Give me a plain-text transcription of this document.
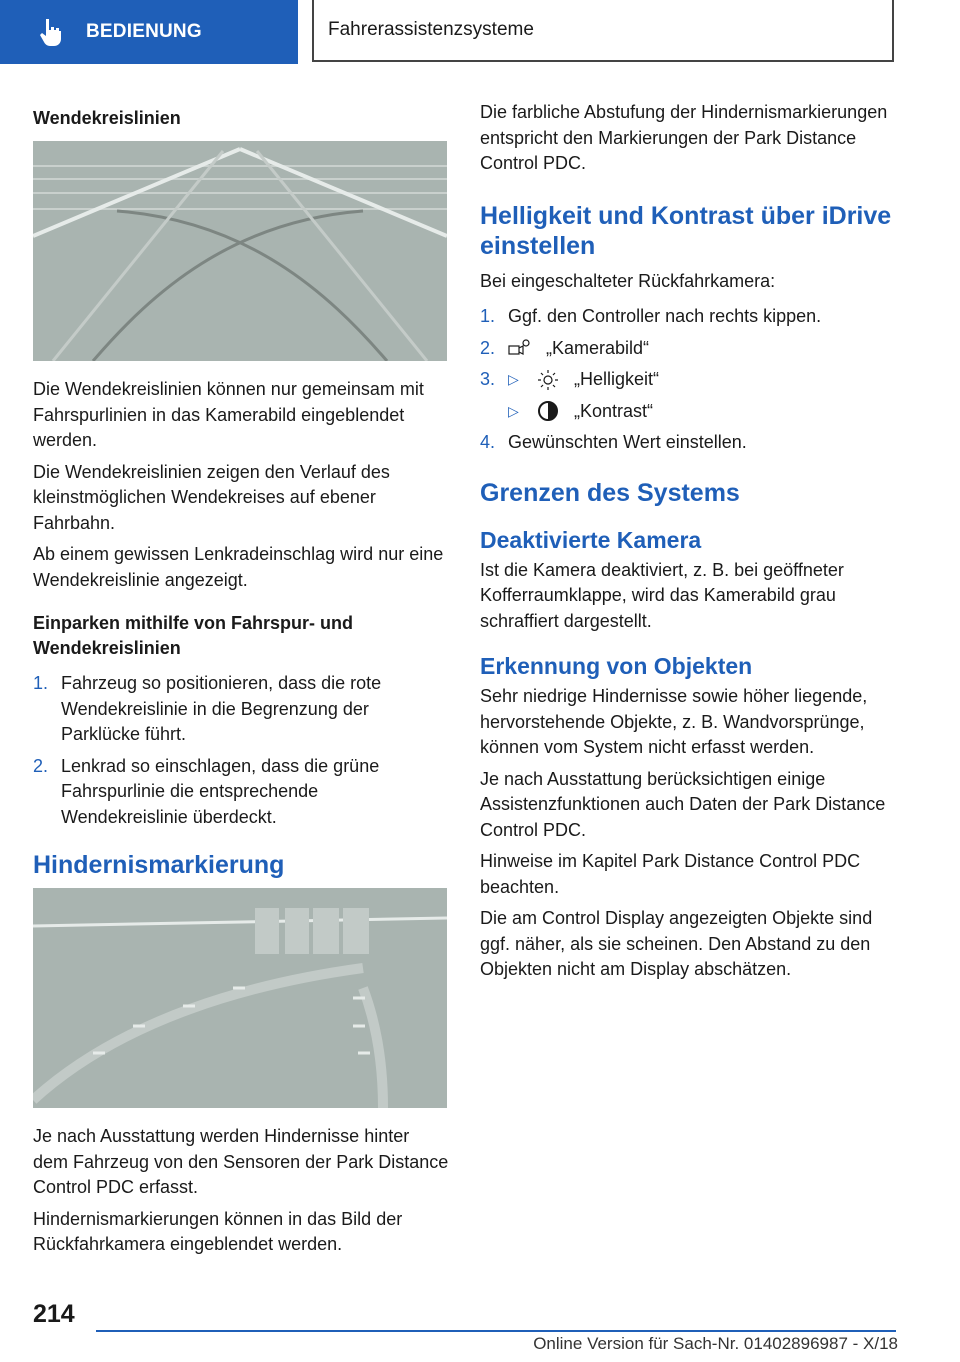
BEDIENUNG	Fahrerassistenzsysteme
Wendekreislinien

Die Wendekreislinien können nur gemeinsam mit Fahrspurlinien in das Kamerabild eingeblendet werden.

Die Wendekreislinien zeigen den Verlauf des kleinstmöglichen Wendekreises auf ebener Fahrbahn.

Ab einem gewissen Lenkradeinschlag wird nur eine Wendekreislinie angezeigt.

Einparken mithilfe von Fahrspur- und Wendekreislinien
1. Fahrzeug so positionieren, dass die rote Wendekreislinie in die Begrenzung der Parklücke führt.
2. Lenkrad so einschlagen, dass die grüne Fahrspurlinie die entsprechende Wendekreislinie überdeckt.
Hindernismarkierung

Je nach Ausstattung werden Hindernisse hinter dem Fahrzeug von den Sensoren der Park Distance Control PDC erfasst.

Hindernismarkierungen können in das Bild der Rückfahrkamera eingeblendet werden.

Die farbliche Abstufung der Hindernismarkierungen entspricht den Markierungen der Park Distance Control PDC.

Helligkeit und Kontrast über iDrive einstellen

Bei eingeschalteter Rückfahrkamera:

1. Ggf. den Controller nach rechts kippen.
2.	„Kamerabild“
3. ▷	„Helligkeit“
▷	„Kontrast“
4. Gewünschten Wert einstellen.
Grenzen des Systems
Deaktivierte Kamera

Ist die Kamera deaktiviert, z. B. bei geöffneter Kofferraumklappe, wird das Kamerabild grau schraffiert dargestellt.

Erkennung von Objekten

Sehr niedrige Hindernisse sowie höher liegende, hervorstehende Objekte, z. B. Wandvorsprünge, können vom System nicht erfasst werden.

Je nach Ausstattung berücksichtigen einige Assistenzfunktionen auch Daten der Park Distance Control PDC.

Hinweise im Kapitel Park Distance Control PDC beachten.

Die am Control Display angezeigten Objekte sind ggf. näher, als sie scheinen. Den Abstand zu den Objekten nicht am Display abschätzen.

214
Online Version für Sach-Nr. 01402896987 - X/18
